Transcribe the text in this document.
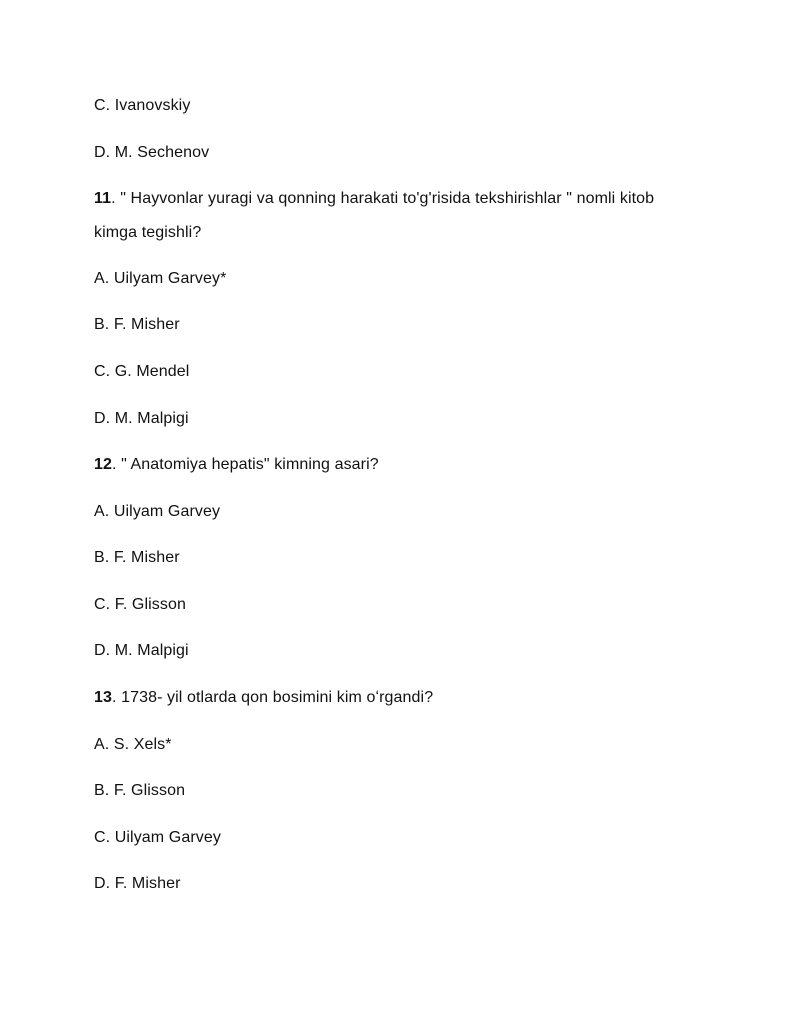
C. Ivanovskiy
D. M. Sechenov
11. " Hayvonlar yuragi va qonning harakati to'g'risida tekshirishlar " nomli kitob
kimga tegishli?
A. Uilyam Garvey*
B. F. Misher
C. G. Mendel
D. M. Malpigi
12. " Anatomiya hepatis" kimning asari?
A. Uilyam Garvey
B. F. Misher
C. F. Glisson
D. M. Malpigi
13. 1738- yil otlarda qon bosimini kim oʻrgandi?
A. S. Xels*
B. F. Glisson
C. Uilyam Garvey
D. F. Misher
